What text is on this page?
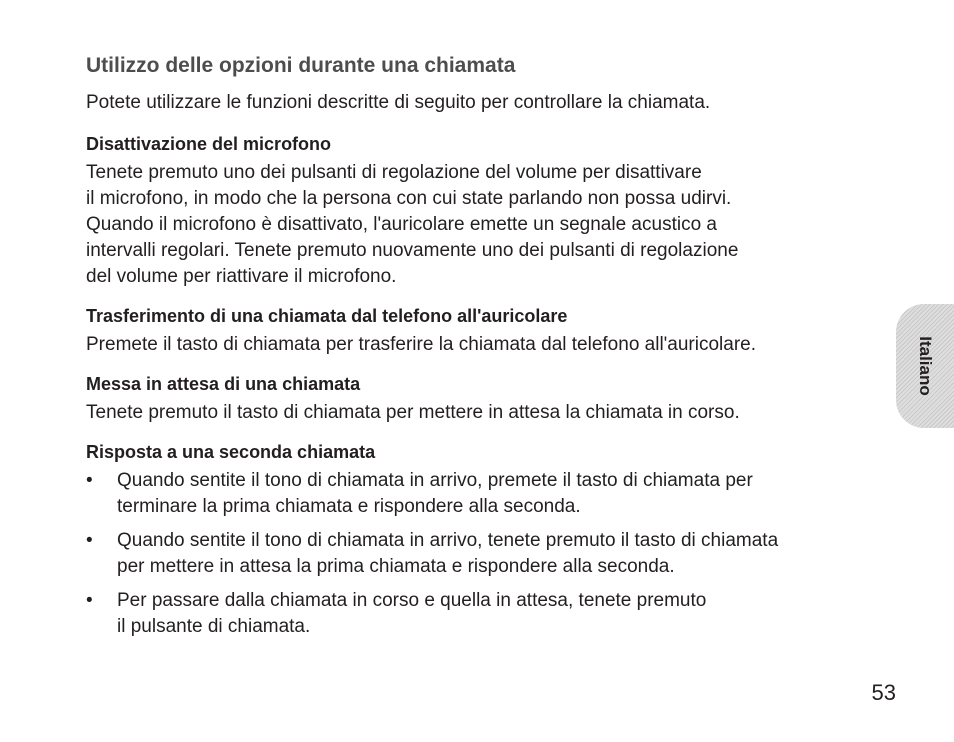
Utilizzo delle opzioni durante una chiamata

Potete utilizzare le funzioni descritte di seguito per controllare la chiamata.

Disattivazione del microfono

Tenete premuto uno dei pulsanti di regolazione del volume per disattivare
il microfono, in modo che la persona con cui state parlando non possa udirvi.
Quando il microfono è disattivato, l'auricolare emette un segnale acustico a
intervalli regolari. Tenete premuto nuovamente uno dei pulsanti di regolazione
del volume per riattivare il microfono.

Trasferimento di una chiamata dal telefono all'auricolare

Premete il tasto di chiamata per trasferire la chiamata dal telefono all'auricolare.

Messa in attesa di una chiamata

Tenete premuto il tasto di chiamata per mettere in attesa la chiamata in corso.

Risposta a una seconda chiamata
• Quando sentite il tono di chiamata in arrivo, premete il tasto di chiamata per
terminare la prima chiamata e rispondere alla seconda.
• Quando sentite il tono di chiamata in arrivo, tenete premuto il tasto di chiamata
per mettere in attesa la prima chiamata e rispondere alla seconda.
• Per passare dalla chiamata in corso e quella in attesa, tenete premuto
il pulsante di chiamata.
Italiano
53
